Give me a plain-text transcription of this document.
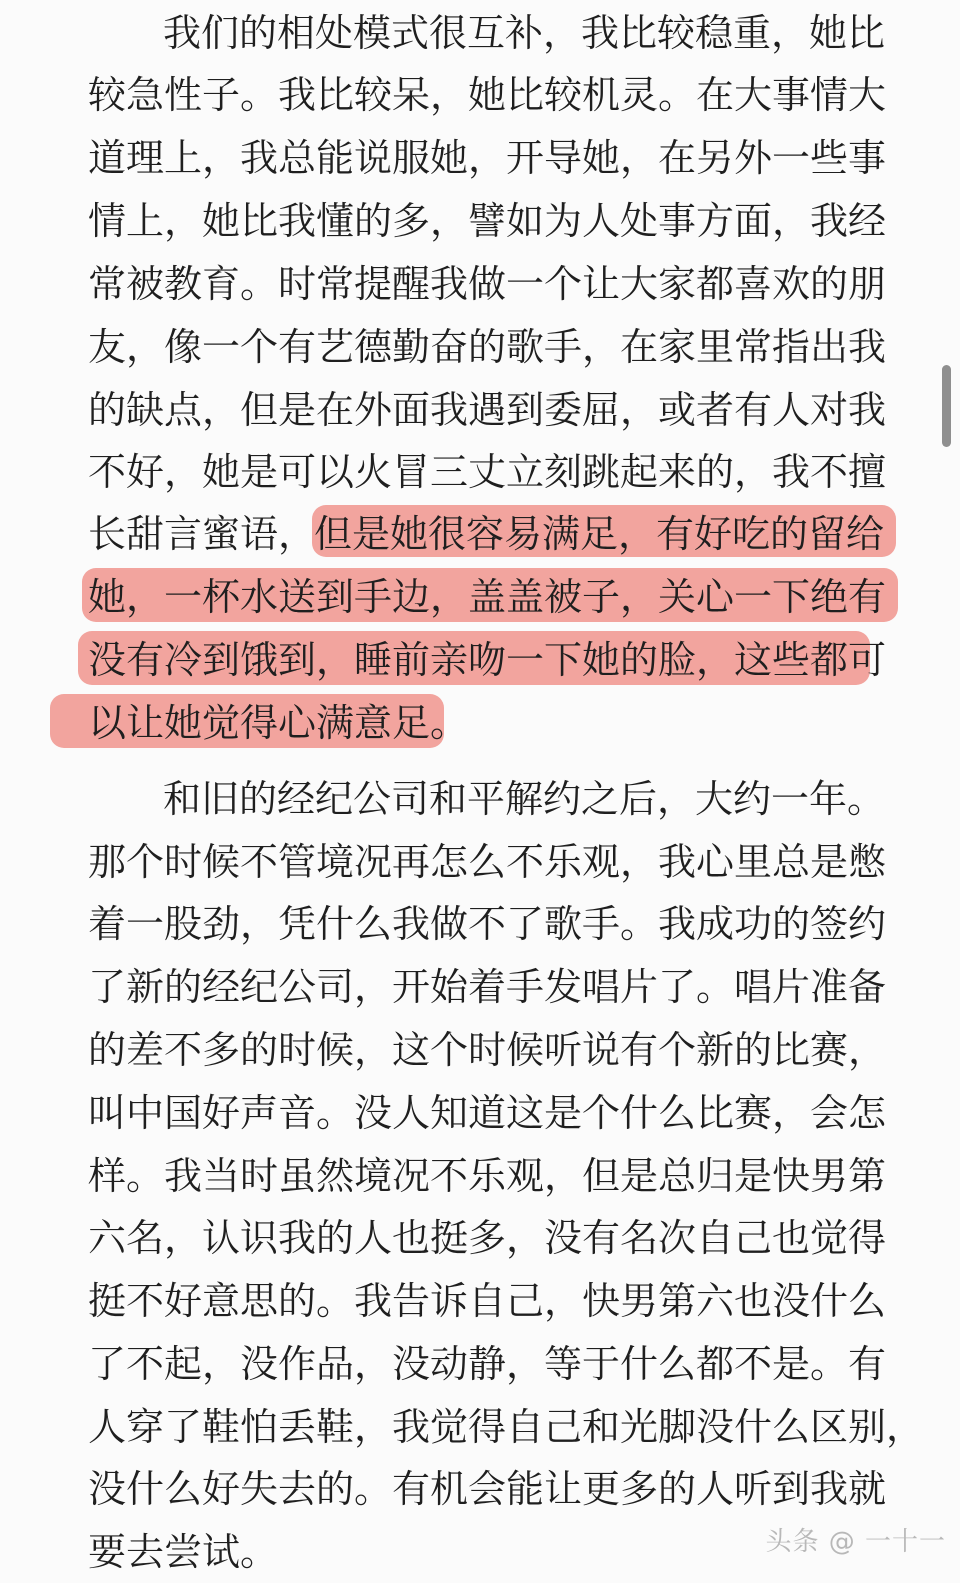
我们的相处模式很互补，我比较稳重，她比
较急性子。我比较呆，她比较机灵。在大事情大
道理上，我总能说服她，开导她，在另外一些事
情上，她比我懂的多，譬如为人处事方面，我经
常被教育。时常提醒我做一个让大家都喜欢的朋
友，像一个有艺德勤奋的歌手，在家里常指出我
的缺点，但是在外面我遇到委屈，或者有人对我
不好，她是可以火冒三丈立刻跳起来的，我不擅
长甜言蜜语，
但是她很容易满足，有好吃的留给
她，一杯水送到手边，盖盖被子，关心一下绝有
没有冷到饿到，睡前亲吻一下她的脸，这些都可
以让她觉得心满意足。
和旧的经纪公司和平解约之后，大约一年。
那个时候不管境况再怎么不乐观，我心里总是憋
着一股劲，凭什么我做不了歌手。我成功的签约
了新的经纪公司，开始着手发唱片了。唱片准备
的差不多的时候，这个时候听说有个新的比赛，
叫中国好声音。没人知道这是个什么比赛，会怎
样。我当时虽然境况不乐观，但是总归是快男第
六名，认识我的人也挺多，没有名次自己也觉得
挺不好意思的。我告诉自己，快男第六也没什么
了不起，没作品，没动静，等于什么都不是。有
人穿了鞋怕丢鞋，我觉得自己和光脚没什么区别，
没什么好失去的。有机会能让更多的人听到我就
要去尝试。	头条 @ 一十一
